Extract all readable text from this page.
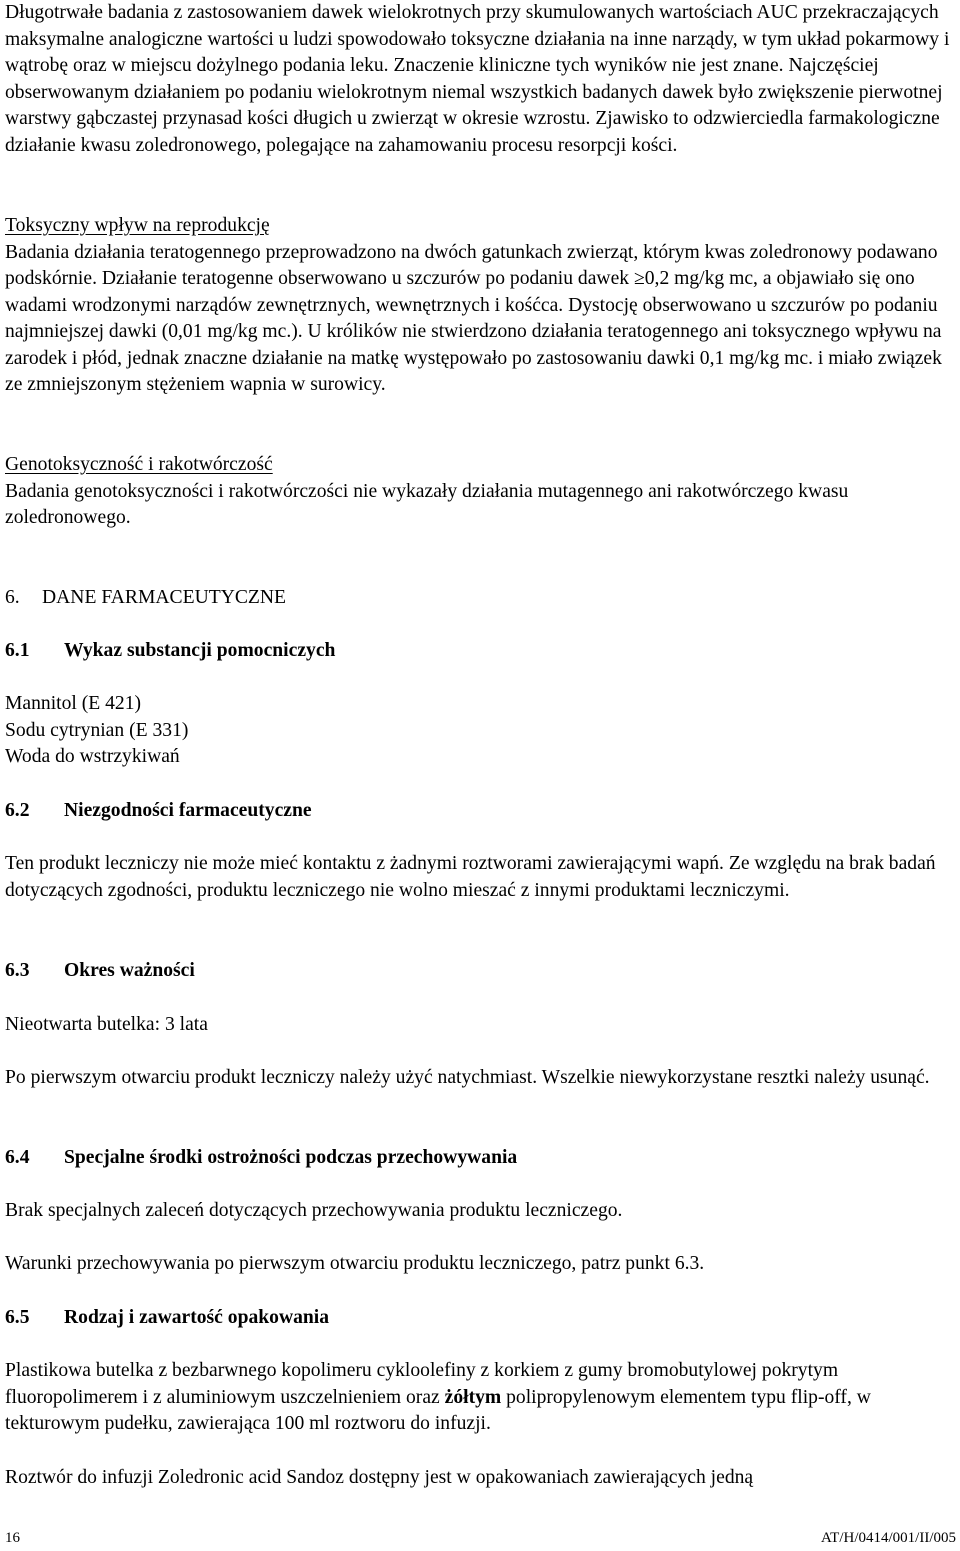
Długotrwałe badania z zastosowaniem dawek wielokrotnych przy skumulowanych wartościach AUC przekraczających maksymalne analogiczne wartości u ludzi spowodowało toksyczne działania na inne narządy, w tym układ pokarmowy i wątrobę oraz w miejscu dożylnego podania leku. Znaczenie kliniczne tych wyników nie jest znane. Najczęściej obserwowanym działaniem po podaniu wielokrotnym niemal wszystkich badanych dawek było zwiększenie pierwotnej warstwy gąbczastej przynasad kości długich u zwierząt w okresie wzrostu. Zjawisko to odzwierciedla farmakologiczne działanie kwasu zoledronowego, polegające na zahamowaniu procesu resorpcji kości.

Toksyczny wpływ na reprodukcję

Badania działania teratogennego przeprowadzono na dwóch gatunkach zwierząt, którym kwas zoledronowy podawano podskórnie. Działanie teratogenne obserwowano u szczurów po podaniu dawek ≥0,2 mg/kg mc, a objawiało się ono wadami wrodzonymi narządów zewnętrznych, wewnętrznych i kośćca. Dystocję obserwowano u szczurów po podaniu najmniejszej dawki (0,01 mg/kg mc.). U królików nie stwierdzono działania teratogennego ani toksycznego wpływu na zarodek i płód, jednak znaczne działanie na matkę występowało po zastosowaniu dawki 0,1 mg/kg mc. i miało związek ze zmniejszonym stężeniem wapnia w surowicy.

Genotoksyczność i rakotwórczość

Badania genotoksyczności i rakotwórczości nie wykazały działania mutagennego ani rakotwórczego kwasu zoledronowego.

6. DANE FARMACEUTYCZNE

6.1 Wykaz substancji pomocniczych

Mannitol (E 421)

Sodu cytrynian (E 331)

Woda do wstrzykiwań

6.2 Niezgodności farmaceutyczne

Ten produkt leczniczy nie może mieć kontaktu z żadnymi roztworami zawierającymi wapń. Ze względu na brak badań dotyczących zgodności, produktu leczniczego nie wolno mieszać z innymi produktami leczniczymi.

6.3 Okres ważności

Nieotwarta butelka: 3 lata

Po pierwszym otwarciu produkt leczniczy należy użyć natychmiast. Wszelkie niewykorzystane resztki należy usunąć.

6.4 Specjalne środki ostrożności podczas przechowywania

Brak specjalnych zaleceń dotyczących przechowywania produktu leczniczego.

Warunki przechowywania po pierwszym otwarciu produktu leczniczego, patrz punkt 6.3.

6.5 Rodzaj i zawartość opakowania

Plastikowa butelka z bezbarwnego kopolimeru cykloolefiny z korkiem z gumy bromobutylowej pokrytym fluoropolimerem i z aluminiowym uszczelnieniem oraz żółtym polipropylenowym elementem typu flip-off, w tekturowym pudełku, zawierająca 100 ml roztworu do infuzji.

Roztwór do infuzji Zoledronic acid Sandoz dostępny jest w opakowaniach zawierających jedną

16	AT/H/0414/001/II/005
